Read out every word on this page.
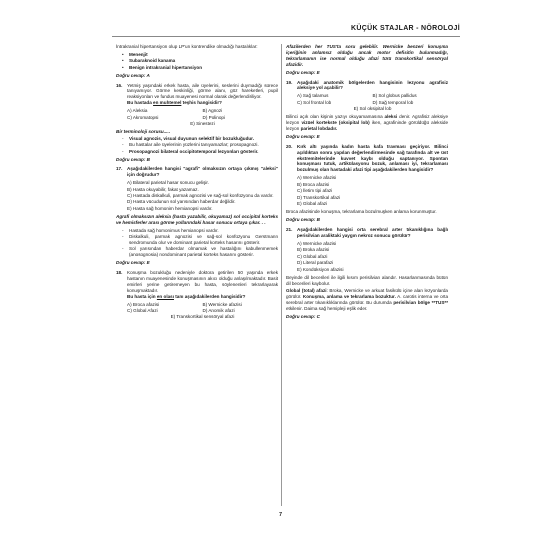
KÜÇÜK STAJLAR - NÖROLOJİ

İntrakranial hipertansiyon olup LP'un kontrendike olmadığı hastalıklar:

•	Menenjit
•	Subaraknoid kanama
•	Benign intrakranial hipertansiyon
Doğru cevap: A
16.	Yetmiş yaşındaki erkek hasta, aile üyelerini, seslerini duymadığı sürece tanıyamıyor. Görme keskinliği, görme alanı, göz hareketleri, pupil reaksiyonları ve fundus muayenesi normal olarak değerlendiriliyor.
Bu hastada en muhtemel teşhis hangisidir?
A) Aleksia	B) Agnozi
C) Akromatopsi	D) Polinopi
E) Sinestezi
Bir terminoloji sorusu.....
-	Visual agnozis, visual duyunun selektif bir bozukluğudur.
-	Bu hastalar aile üyelerinin yüzlerini tanıyamazlar; prosopagnozi.
-	Prosopagnozi bilateral occipitotemporal lezyonları gösterir.
Doğru cevap: B
17.	Aşağıdakilerden hangisi "agrafi" olmaksızın ortaya çıkmış "aleksi" için doğrudur?
A) Bilateral parietal hasar sonucu gelişir.
B) Hasta okuyabilir, fakat yazamaz.
C) Hastada diskalkuli, parmak agnozisi ve sağ-sol konfüzyonu da vardır.
D) Hasta vücudunun sol yarısından haberdar değildir.
E) Hasta sağ homonim hemianopsi vardır.

Agrafi olmaksızın aleksia (hasta yazabilir, okuyamaz) sol occipital korteks ve hemisferler arası görme yollarındaki hasar sonucu ortaya çıkar. . .

-	Hastada sağ homonimus hemianopsi vardır.
-	Diskalkuli, parmak agnozisi ve sağ-sol konfüzyonu Gerstmann sendromunda olur ve dominant parietal korteks hasarını gösterir.
-	Sol yarısından haberdar olmamak ve hastalığını kabullenmemek (anosognosia) nondominant parietal korteks hasarını gösterir.
Doğru cevap: E
18.	Konuşma bozukluğu nedeniyle doktora getirilen 50 yaşında erkek hastanın muayenesinde konuşmasının akıcı olduğu anlaşılmaktadır. Basit emirleri yerine getiremeyen bu hasta, söylenenleri tekrarlayarak konuşmaktadır.
Bu hasta için en olası tanı aşağıdakilerden hangisidir?
A) Broca afazisi	B) Wernicke afazisi
C) Global Afazi	D) Anomik afazi
E) Transkortikal sensöryal afazi

Afazilerden her TUS'ta soru gelebilir. Wernicke benzeri konuşma içeriğinin anlamsız olduğu ancak motor defisitin bulunmadığı, tekrarlamanın ise normal olduğu afazi türü transkortikal sensöryal afazidir.

Doğru cevap: E
19.	Aşağıdaki anatomik bölgelerden hangisinin lezyonu agrafisiz aleksiye yol açabilir?
A) Sağ talamus	B) Sol globus pallidus
C) Sol frontal lob	D) Sağ temporal lob
E) Sol oksipital lob

Bilinci açık olan kişinin yazıyı okuyamamasına aleksi denir. Agrafisiz aleksiye lezyon vizüel kortekste (oksipital lob) iken, agrafininde görüldüğü alekside lezyon parietal lobdadır.

Doğru cevap: E
20.	Kırk altı yaşında kadın hasta kafa travması geçiriyor. Bilinci açıldıktan sonra yapılan değerlendirmesinde sağ tarafında alt ve üst ekstremitelerinde kuvvet kaybı olduğu saptanıyor. Spontan konuşması tutuk, artikülasyonu bozuk, anlaması iyi, tekrarlaması bozulmuş olan hastadaki afazi tipi aşağıdakilerden hangisidir?
A) Wernicke afazisi
B) Broca afazisi
C) İletim tipi afazi
D) Transkortikal afazi
E) Global afazi

Broca afazisinde konuşma, tekrarlama bozulmuşken anlama korunmuştur.

Doğru cevap: B
21.	Aşağıdakilerden hangisi orta serebral arter tıkanıklığına bağlı perisilvian araliktaki yaygın nekroz sonucu görülür?
A) Wernicke afazisi
B) Broka afazisi
C) Global afazi
D) Literal parafazi
E) Kondüksiyon afazisi

Beyinde dil becerileri ile ilgili kısım perisilvian alandır. Hasarlanmasında bütün dil becerileri kaybolur.

Global (total) afazi: Broka, Wernicke ve arkuat fasikülü içine alan lezyonlarda görülür. Konuşma, anlama ve tekrarlama bozuktur. A. carotis interna ve orta serebral arter tıkanıklıklarında görülür. Bu durumda perisilvian bölge **TUS** etkilenir. Daima sağ hemipleji eşlik eder.

Doğru cevap: C
7
